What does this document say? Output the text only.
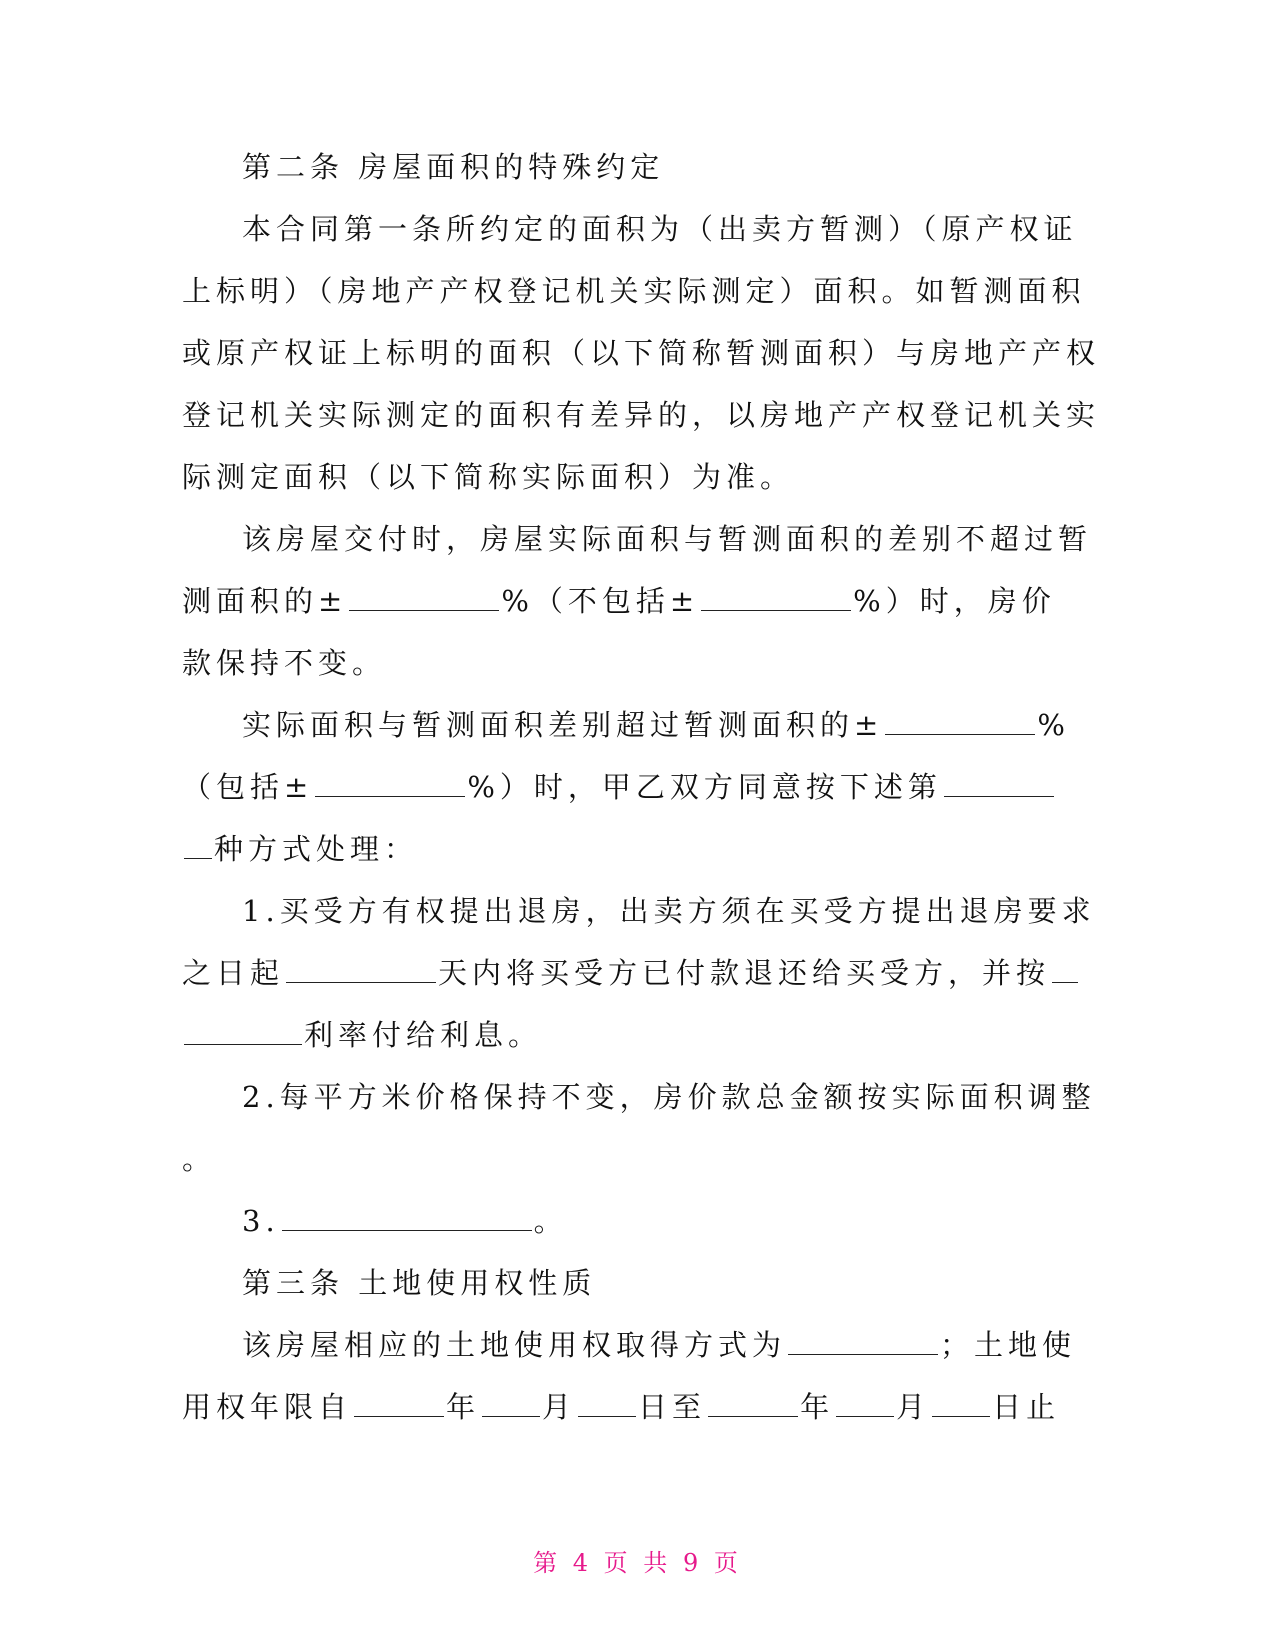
第二条 房屋面积的特殊约定
本合同第一条所约定的面积为（出卖方暂测）（原产权证
上标明）（房地产产权登记机关实际测定）面积。如暂测面积
或原产权证上标明的面积（以下简称暂测面积）与房地产产权
登记机关实际测定的面积有差异的，以房地产产权登记机关实
际测定面积（以下简称实际面积）为准。
该房屋交付时，房屋实际面积与暂测面积的差别不超过暂
测面积的±	%（不包括±	%）时，房价
款保持不变。
实际面积与暂测面积差别超过暂测面积的±	%
（包括±	%）时，甲乙双方同意按下述第
种方式处理：
1.买受方有权提出退房，出卖方须在买受方提出退房要求
之日起	天内将买受方已付款退还给买受方，并按
利率付给利息。
2.每平方米价格保持不变，房价款总金额按实际面积调整
。
3.	。
第三条 土地使用权性质
该房屋相应的土地使用权取得方式为	；土地使
用权年限自	年 月 日至	年 月 日止
第 4 页 共 9 页
